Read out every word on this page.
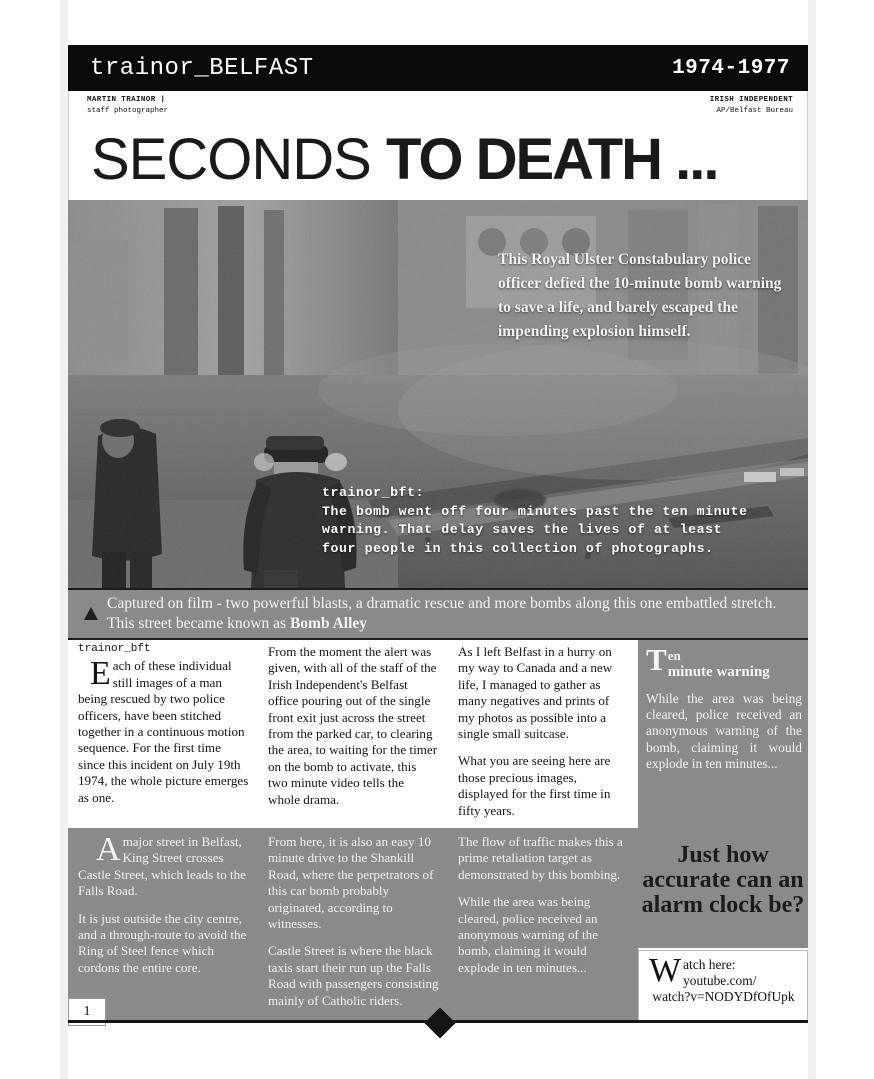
trainor_BELFAST	1974-1977
MARTIN TRAINOR |
staff photographer
IRISH INDEPENDENT
AP/Belfast Bureau
SECONDS TO DEATH ...
This Royal Ulster Constabulary police officer defied the 10-minute bomb warning to save a life, and barely escaped the impending explosion himself.
trainor_bft:
The bomb went off four minutes past the ten minute warning. That delay saves the lives of at least four people in this collection of photographs.
Captured on film - two powerful blasts, a dramatic rescue and more bombs along this one embattled stretch. This street became known as Bomb Alley
trainor_bft

Each of these individual still images of a man being rescued by two police officers, have been stitched together in a continuous motion sequence. For the first time since this incident on July 19th 1974, the whole picture emerges as one.

From the moment the alert was given, with all of the staff of the Irish Independent's Belfast office pouring out of the single front exit just across the street from the parked car, to clearing the area, to waiting for the timer on the bomb to activate, this two minute video tells the whole drama.

As I left Belfast in a hurry on my way to Canada and a new life, I managed to gather as many negatives and prints of my photos as possible into a single small suitcase.

What you are seeing here are those precious images, displayed for the first time in fifty years.

Amajor street in Belfast, King Street crosses Castle Street, which leads to the Falls Road.

It is just outside the city centre, and a through-route to avoid the Ring of Steel fence which cordons the entire core.

From here, it is also an easy 10 minute drive to the Shankill Road, where the perpetrators of this car bomb probably originated, according to witnesses.

Castle Street is where the black taxis start their run up the Falls Road with passengers consisting mainly of Catholic riders.

The flow of traffic makes this a prime retaliation target as demonstrated by this bombing.

While the area was being cleared, police received an anonymous warning of the bomb, claiming it would explode in ten minutes...

T en
minute warning
While the area was being cleared, police received an anonymous warning of the bomb, claiming it would explode in ten minutes...
Just how accurate can an alarm clock be?
W atch here:
youtube.com/
watch?v=NODYDfOfUpk
1
